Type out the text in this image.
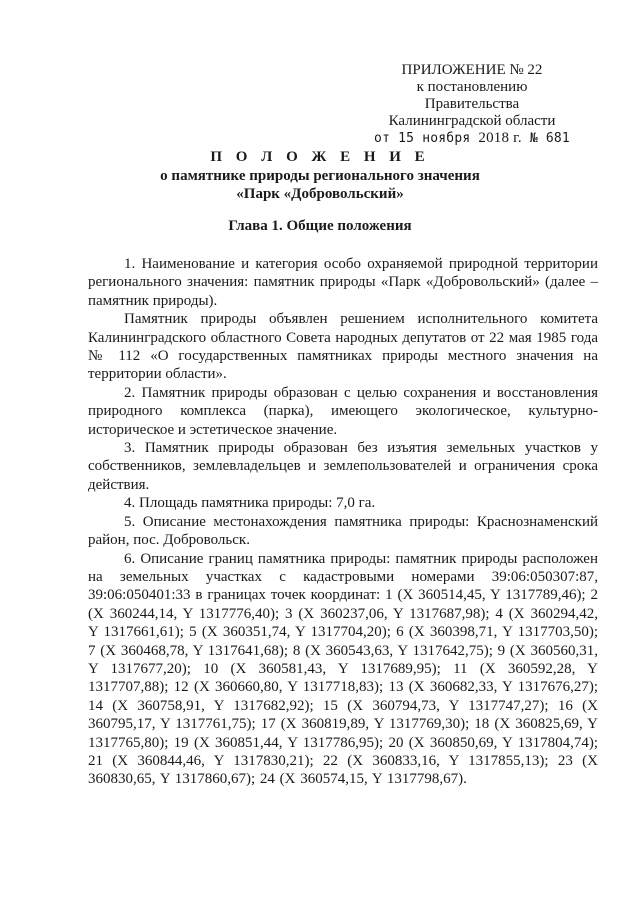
ПРИЛОЖЕНИЕ № 22
к постановлению Правительства
Калининградской области
от 15 ноября 2018 г. № 681
П О Л О Ж Е Н И Е
о памятнике природы регионального значения
«Парк «Добровольский»
Глава 1. Общие положения

1. Наименование и категория особо охраняемой природной территории регионального значения: памятник природы «Парк «Добровольский» (далее – памятник природы).

Памятник природы объявлен решением исполнительного комитета Калининградского областного Совета народных депутатов от 22 мая 1985 года № 112 «О государственных памятниках природы местного значения на территории области».

2. Памятник природы образован с целью сохранения и восстановления природного комплекса (парка), имеющего экологическое, культурно-историческое и эстетическое значение.

3. Памятник природы образован без изъятия земельных участков у собственников, землевладельцев и землепользователей и ограничения срока действия.

4. Площадь памятника природы: 7,0 га.

5. Описание местонахождения памятника природы: Краснознаменский район, пос. Добровольск.

6. Описание границ памятника природы: памятник природы расположен на земельных участках с кадастровыми номерами 39:06:050307:87, 39:06:050401:33 в границах точек координат: 1 (X 360514,45, Y 1317789,46); 2 (X 360244,14, Y 1317776,40); 3 (X 360237,06, Y 1317687,98); 4 (X 360294,42, Y 1317661,61); 5 (X 360351,74, Y 1317704,20); 6 (X 360398,71, Y 1317703,50); 7 (X 360468,78, Y 1317641,68); 8 (X 360543,63, Y 1317642,75); 9 (X 360560,31, Y 1317677,20); 10 (X 360581,43, Y 1317689,95); 11 (X 360592,28, Y 1317707,88); 12 (X 360660,80, Y 1317718,83); 13 (X 360682,33, Y 1317676,27); 14 (X 360758,91, Y 1317682,92); 15 (X 360794,73, Y 1317747,27); 16 (X 360795,17, Y 1317761,75); 17 (X 360819,89, Y 1317769,30); 18 (X 360825,69, Y 1317765,80); 19 (X 360851,44, Y 1317786,95); 20 (X 360850,69, Y 1317804,74); 21 (X 360844,46, Y 1317830,21); 22 (X 360833,16, Y 1317855,13); 23 (X 360830,65, Y 1317860,67); 24 (X 360574,15, Y 1317798,67).
